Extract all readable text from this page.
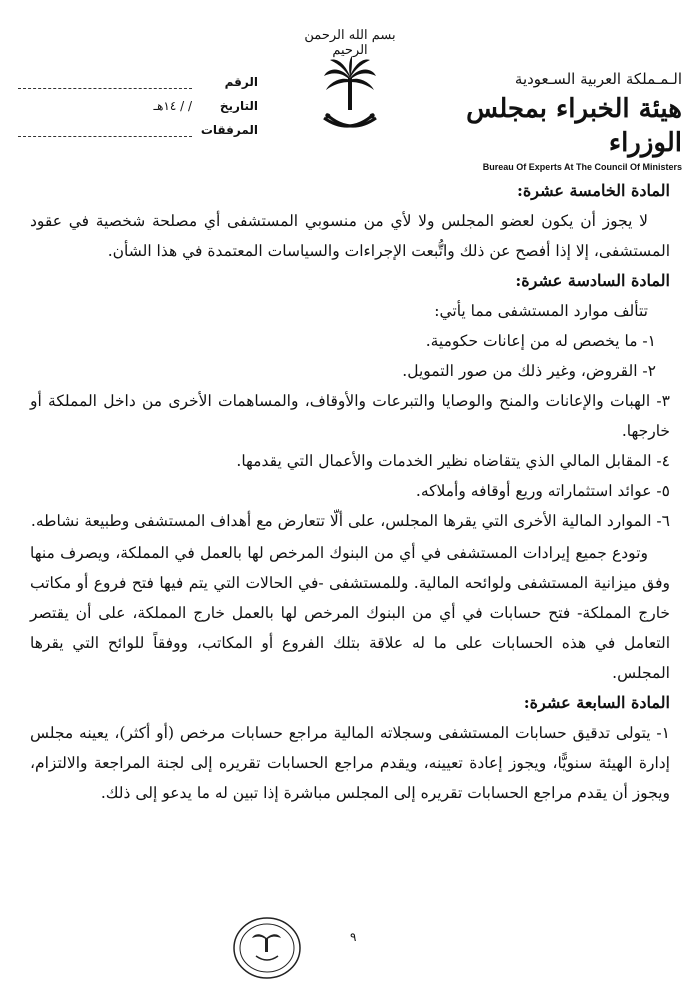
بسم الله الرحمن الرحيم
الرقم
التاريخ
/ / ١٤هـ
المرفقات
الـمـملكة العربية السـعودية
هيئة الخبراء بمجلس الوزراء
Bureau Of Experts At The Council Of Ministers

المادة الخامسة عشرة:

لا يجوز أن يكون لعضو المجلس ولا لأي من منسوبي المستشفى أي مصلحة شخصية في عقود المستشفى، إلا إذا أفصح عن ذلك واتُّبعت الإجراءات والسياسات المعتمدة في هذا الشأن.

المادة السادسة عشرة:

تتألف موارد المستشفى مما يأتي:

١- ما يخصص له من إعانات حكومية.

٢- القروض، وغير ذلك من صور التمويل.

٣- الهبات والإعانات والمنح والوصايا والتبرعات والأوقاف، والمساهمات الأخرى من داخل المملكة أو خارجها.

٤- المقابل المالي الذي يتقاضاه نظير الخدمات والأعمال التي يقدمها.

٥- عوائد استثماراته وريع أوقافه وأملاكه.

٦- الموارد المالية الأخرى التي يقرها المجلس، على ألّا تتعارض مع أهداف المستشفى وطبيعة نشاطه.

وتودع جميع إيرادات المستشفى في أي من البنوك المرخص لها بالعمل في المملكة، ويصرف منها وفق ميزانية المستشفى ولوائحه المالية. وللمستشفى -في الحالات التي يتم فيها فتح فروع أو مكاتب خارج المملكة- فتح حسابات في أي من البنوك المرخص لها بالعمل خارج المملكة، على أن يقتصر التعامل في هذه الحسابات على ما له علاقة بتلك الفروع أو المكاتب، ووفقاً للوائح التي يقرها المجلس.

المادة السابعة عشرة:

١- يتولى تدقيق حسابات المستشفى وسجلاته المالية مراجع حسابات مرخص (أو أكثر)، يعينه مجلس إدارة الهيئة سنويًّا، ويجوز إعادة تعيينه، ويقدم مراجع الحسابات تقريره إلى لجنة المراجعة والالتزام، ويجوز أن يقدم مراجع الحسابات تقريره إلى المجلس مباشرة إذا تبين له ما يدعو إلى ذلك.

٩
